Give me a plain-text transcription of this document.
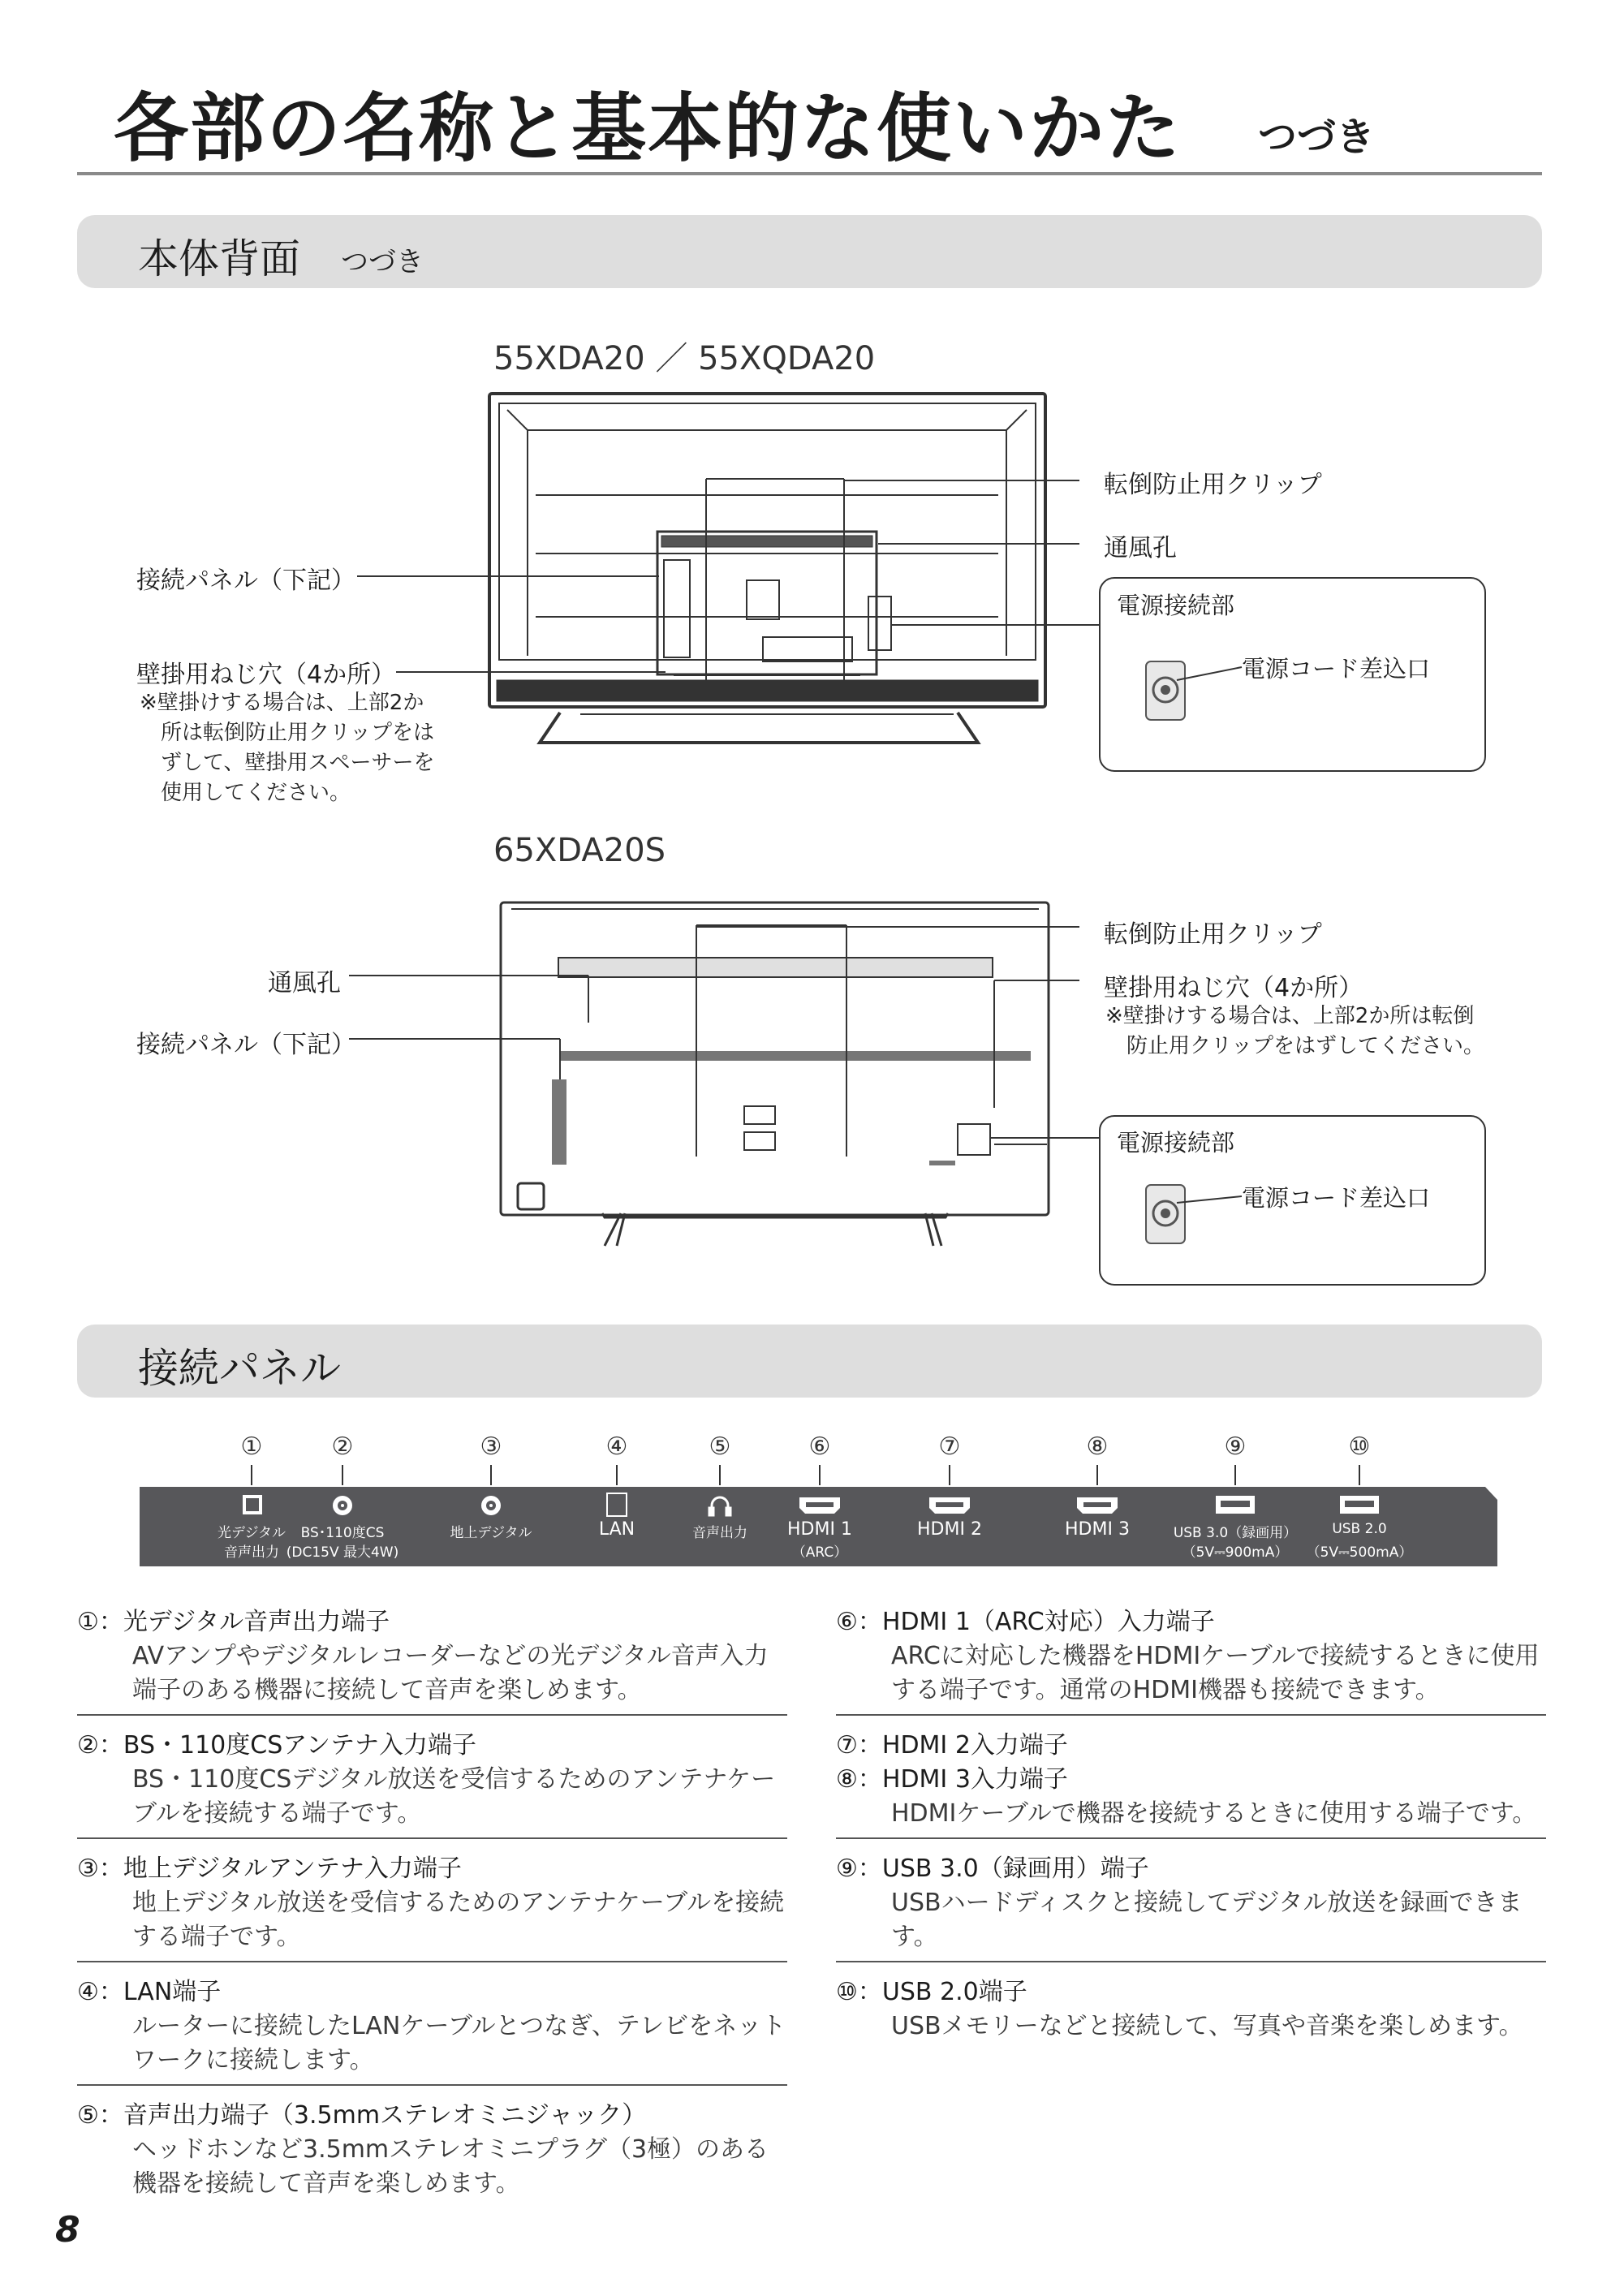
各部の名称と基本的な使いかた つづき
本体背面 つづき
55XDA20 ／ 55XQDA20
転倒防止用クリップ
通風孔
接続パネル（下記）
壁掛用ねじ穴（4か所）
※壁掛けする場合は、上部2か
所は転倒防止用クリップをは
ずして、壁掛用スペーサーを
使用してください。
電源接続部
電源コード差込口
65XDA20S
転倒防止用クリップ
通風孔
接続パネル（下記）
壁掛用ねじ穴（4か所）
※壁掛けする場合は、上部2か所は転倒
防止用クリップをはずしてください。
電源接続部
電源コード差込口
接続パネル
①
光デジタル
音声出力
②
BS･110度CS
(DC15V 最大4W)
③
地上デジタル
④
LAN
⑤
音声出力
⑥
HDMI 1
（ARC）
⑦
HDMI 2
⑧
HDMI 3
⑨
USB 3.0（録画用）
（5V⎓900mA）
⑩
USB 2.0
（5V⎓500mA）
①：光デジタル音声出力端子
AVアンプやデジタルレコーダーなどの光デジタル音声入力端子のある機器に接続して音声を楽しめます。
②：BS・110度CSアンテナ入力端子
BS・110度CSデジタル放送を受信するためのアンテナケーブルを接続する端子です。
③：地上デジタルアンテナ入力端子
地上デジタル放送を受信するためのアンテナケーブルを接続する端子です。
④：LAN端子
ルーターに接続したLANケーブルとつなぎ、テレビをネットワークに接続します。
⑤：音声出力端子（3.5mmステレオミニジャック）
ヘッドホンなど3.5mmステレオミニプラグ（3極）のある機器を接続して音声を楽しめます。
⑥：HDMI 1（ARC対応）入力端子
ARCに対応した機器をHDMIケーブルで接続するときに使用する端子です。通常のHDMI機器も接続できます。
⑦：HDMI 2入力端子
⑧：HDMI 3入力端子
HDMIケーブルで機器を接続するときに使用する端子です。
⑨：USB 3.0（録画用）端子
USBハードディスクと接続してデジタル放送を録画できます。
⑩：USB 2.0端子
USBメモリーなどと接続して、写真や音楽を楽しめます。
8
